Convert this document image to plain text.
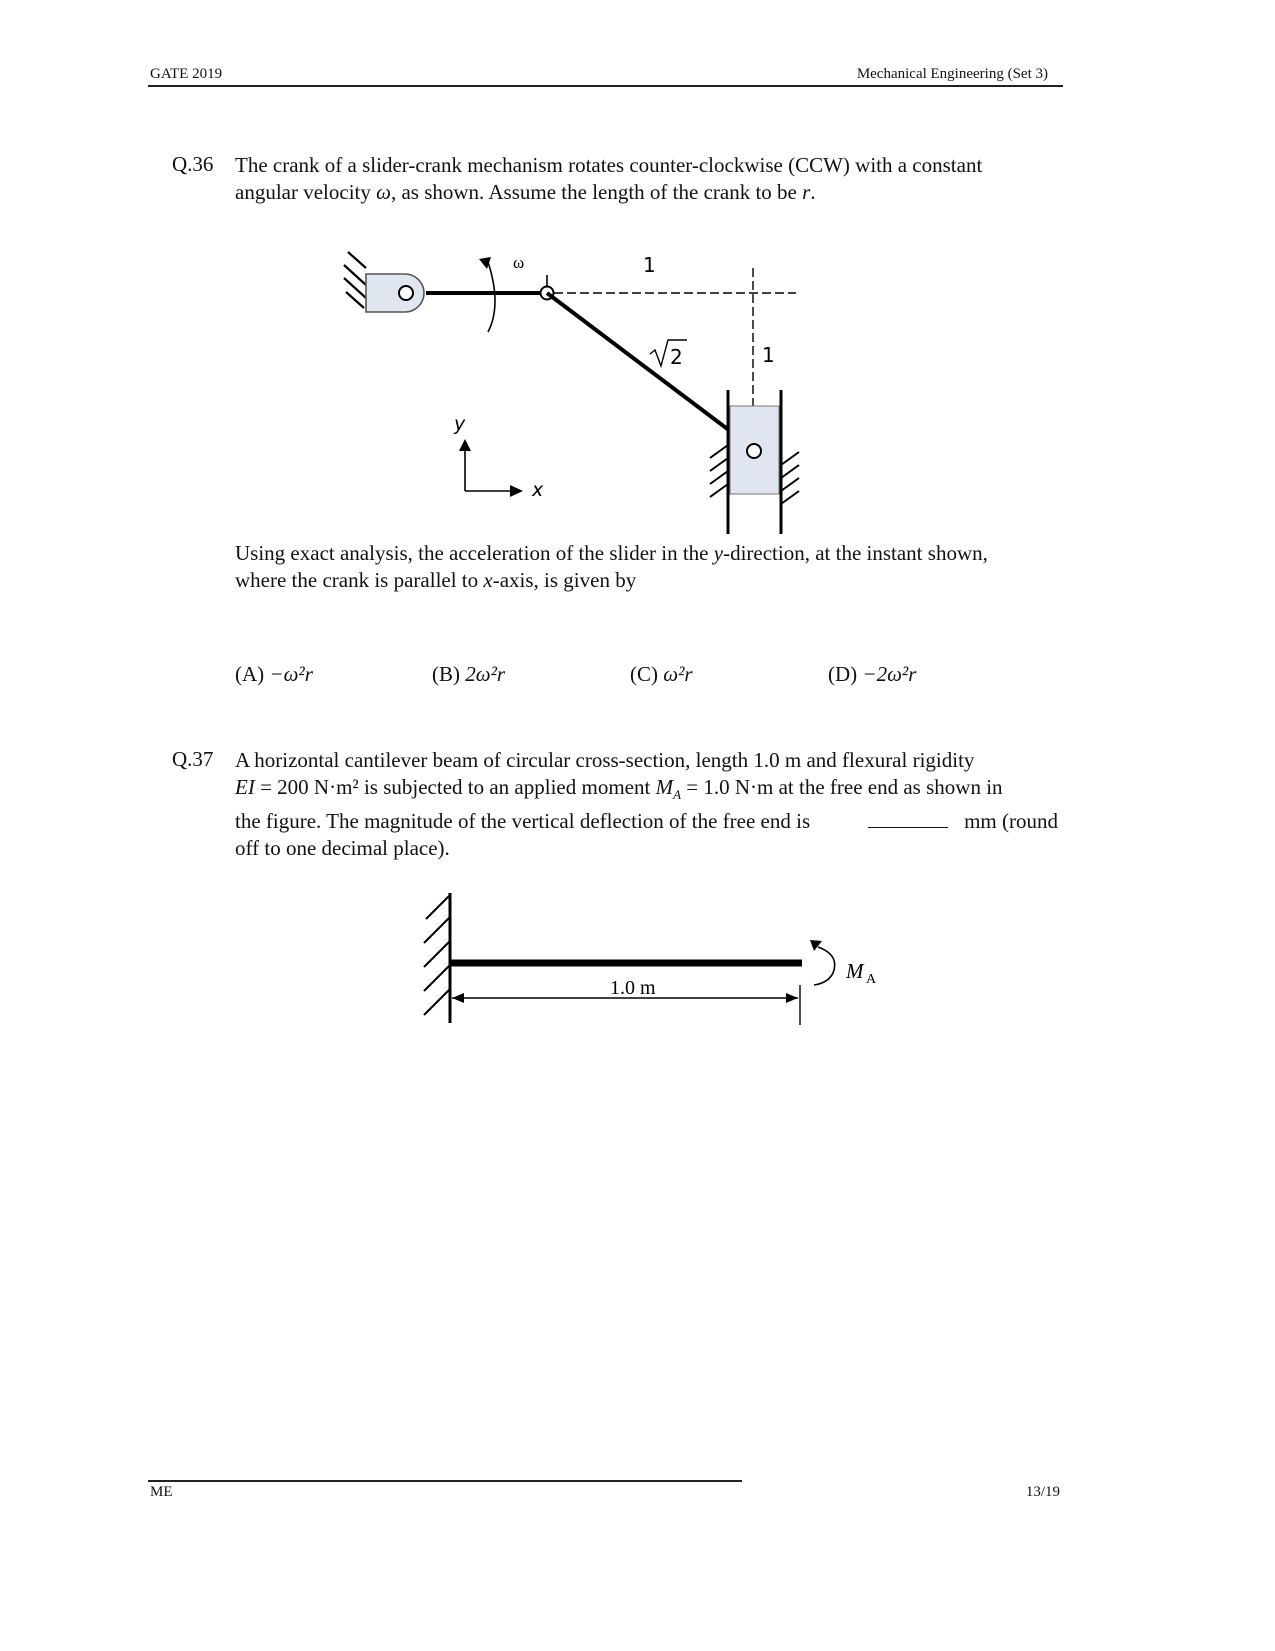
GATE 2019	Mechanical Engineering (Set 3)
Q.36 The crank of a slider-crank mechanism rotates counter-clockwise (CCW) with a constant
angular velocity ω, as shown. Assume the length of the crank to be r.
ω	1
1
2
y
x
Using exact analysis, the acceleration of the slider in the y-direction, at the instant shown,
where the crank is parallel to x-axis, is given by
(A) −ω²r	(B) 2ω²r	(C) ω²r	(D) −2ω²r
Q.37 A horizontal cantilever beam of circular cross-section, length 1.0 m and flexural rigidity
EI = 200 N·m² is subjected to an applied moment $M_A = 1.0$ N·m at the free end as shown in
the figure. The magnitude of the vertical deflection of the free end is	mm (round
off to one decimal place).
1.0 m
M A
ME	13/19
